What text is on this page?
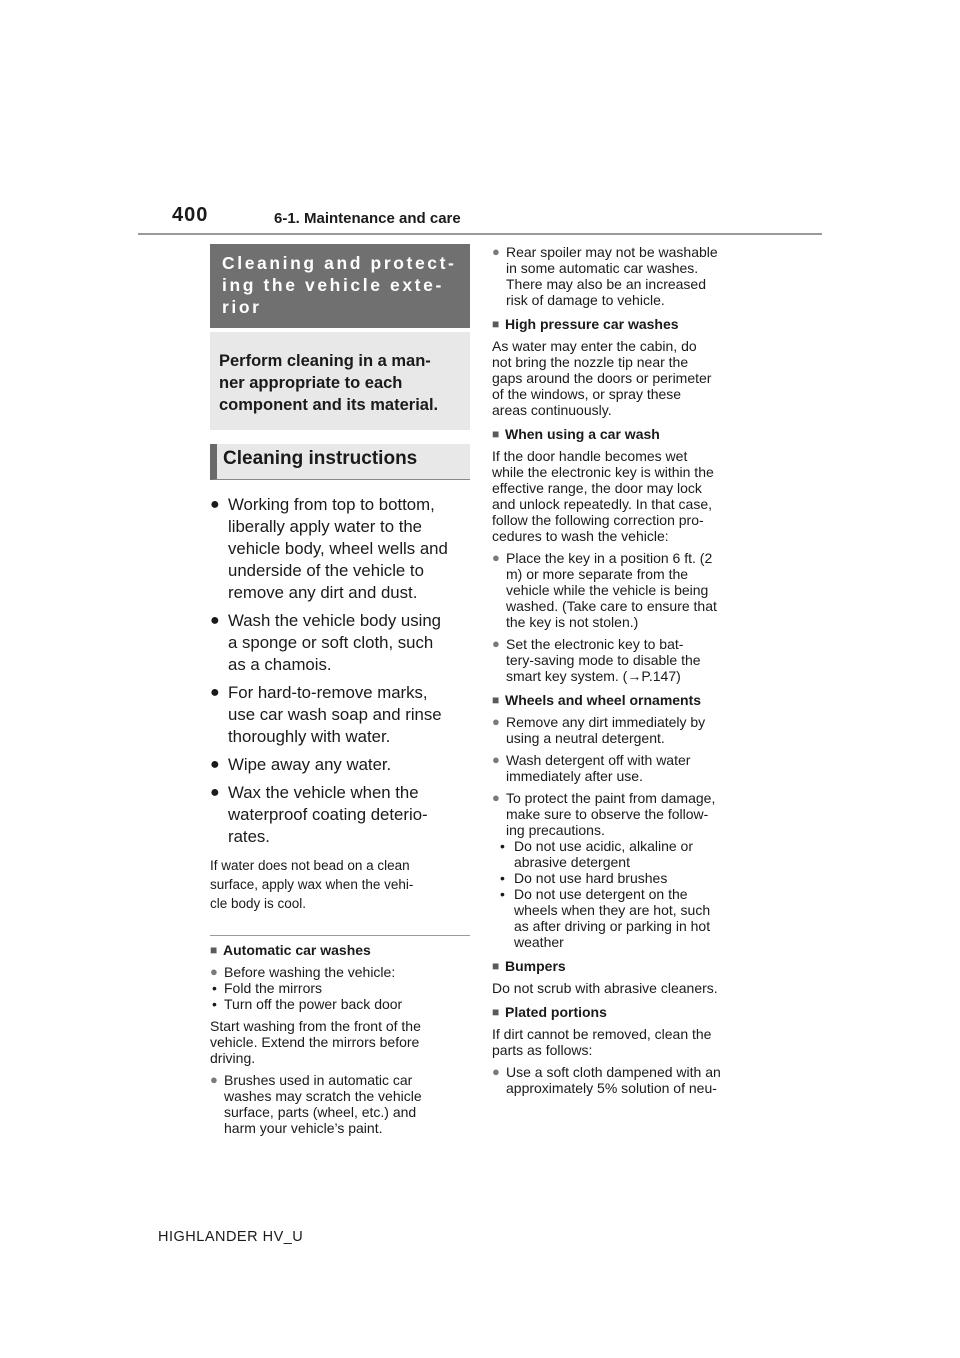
400	6-1. Maintenance and care
Cleaning and protect-
ing the vehicle exte-
rior
Perform cleaning in a man-
ner appropriate to each
component and its material.
Cleaning instructions
● Working from top to bottom,
liberally apply water to the
vehicle body, wheel wells and
underside of the vehicle to
remove any dirt and dust.
● Wash the vehicle body using
a sponge or soft cloth, such
as a chamois.
● For hard-to-remove marks,
use car wash soap and rinse
thoroughly with water.
● Wipe away any water.
● Wax the vehicle when the
waterproof coating deterio-
rates.
If water does not bead on a clean
surface, apply wax when the vehi-
cle body is cool.
■ Automatic car washes
● Before washing the vehicle:
• Fold the mirrors
• Turn off the power back door
Start washing from the front of the
vehicle. Extend the mirrors before
driving.
● Brushes used in automatic car
washes may scratch the vehicle
surface, parts (wheel, etc.) and
harm your vehicle’s paint.
● Rear spoiler may not be washable
in some automatic car washes.
There may also be an increased
risk of damage to vehicle.
■ High pressure car washes
As water may enter the cabin, do
not bring the nozzle tip near the
gaps around the doors or perimeter
of the windows, or spray these
areas continuously.
■ When using a car wash
If the door handle becomes wet
while the electronic key is within the
effective range, the door may lock
and unlock repeatedly. In that case,
follow the following correction pro-
cedures to wash the vehicle:
● Place the key in a position 6 ft. (2
m) or more separate from the
vehicle while the vehicle is being
washed. (Take care to ensure that
the key is not stolen.)
● Set the electronic key to bat-
tery-saving mode to disable the
smart key system. (→P.147)
■ Wheels and wheel ornaments
● Remove any dirt immediately by
using a neutral detergent.
● Wash detergent off with water
immediately after use.
● To protect the paint from damage,
make sure to observe the follow-
ing precautions.
• Do not use acidic, alkaline or
abrasive detergent
• Do not use hard brushes
• Do not use detergent on the
wheels when they are hot, such
as after driving or parking in hot
weather
■ Bumpers
Do not scrub with abrasive cleaners.
■ Plated portions
If dirt cannot be removed, clean the
parts as follows:
● Use a soft cloth dampened with an
approximately 5% solution of neu-
HIGHLANDER HV_U
